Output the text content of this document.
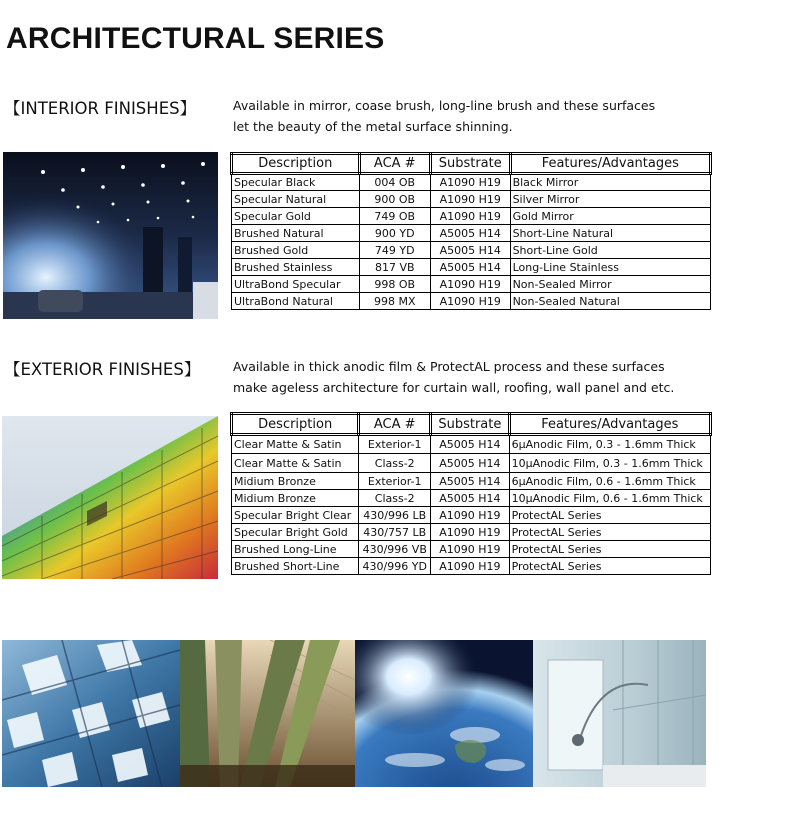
ARCHITECTURAL SERIES
【INTERIOR FINISHES】	Available in mirror, coase brush, long-line brush and these surfaces
let the beauty of the metal surface shinning.
Description	ACA #	Substrate	Features/Advantages
Specular Black	004 OB	A1090 H19	Black Mirror
Specular Natural	900 OB	A1090 H19	Silver Mirror
Specular Gold	749 OB	A1090 H19	Gold Mirror
Brushed Natural	900 YD	A5005 H14	Short-Line Natural
Brushed Gold	749 YD	A5005 H14	Short-Line Gold
Brushed Stainless	817 VB	A5005 H14	Long-Line Stainless
UltraBond Specular	998 OB	A1090 H19	Non-Sealed Mirror
UltraBond Natural	998 MX	A1090 H19	Non-Sealed Natural
【EXTERIOR FINISHES】	Available in thick anodic film & ProtectAL process and these surfaces
make ageless architecture for curtain wall, roofing, wall panel and etc.
Description	ACA #	Substrate	Features/Advantages
Clear Matte & Satin	Exterior-1	A5005 H14	6μAnodic Film, 0.3 - 1.6mm Thick
Clear Matte & Satin	Class-2	A5005 H14	10μAnodic Film, 0.3 - 1.6mm Thick
Midium Bronze	Exterior-1	A5005 H14	6μAnodic Film, 0.6 - 1.6mm Thick
Midium Bronze	Class-2	A5005 H14	10μAnodic Film, 0.6 - 1.6mm Thick
Specular Bright Clear	430/996 LB	A1090 H19	ProtectAL Series
Specular Bright Gold	430/757 LB	A1090 H19	ProtectAL Series
Brushed Long-Line	430/996 VB	A1090 H19	ProtectAL Series
Brushed Short-Line	430/996 YD	A1090 H19	ProtectAL Series
